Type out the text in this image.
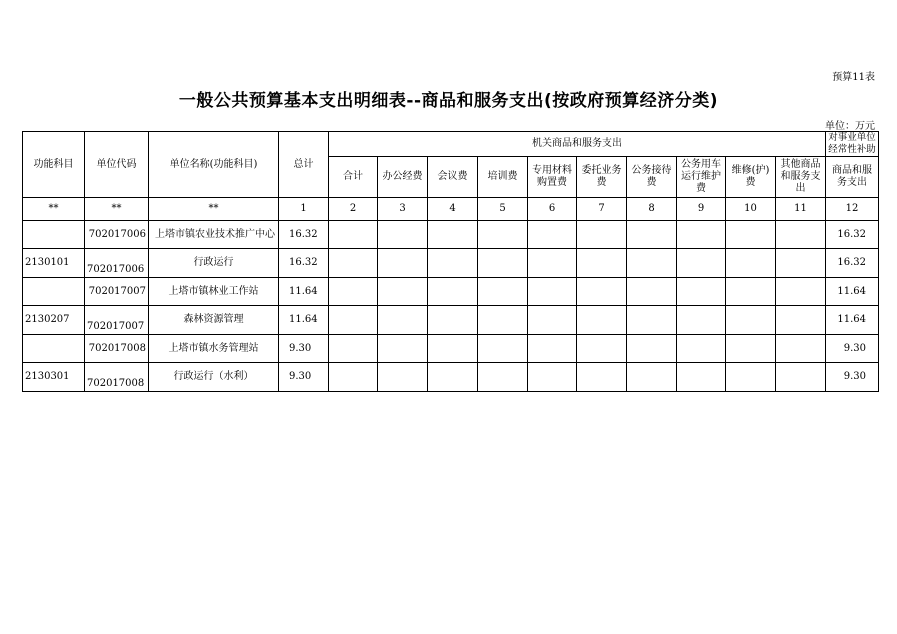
预算11表
一般公共预算基本支出明细表--商品和服务支出(按政府预算经济分类)
单位：万元
功能科目	单位代码	单位名称(功能科目)	总计	机关商品和服务支出										对事业单位经常性补助
				合计	办公经费	会议费	培训费	专用材料购置费	委托业务费	公务接待费	公务用车运行维护费	维修(护)费	其他商品和服务支出	商品和服务支出
**	**	**	1	2	3	4	5	6	7	8	9	10	11	12
	702017006	上塔市镇农业技术推广中心	16.32											16.32
2130101	702017006	行政运行	16.32											16.32
	702017007	上塔市镇林业工作站	11.64											11.64
2130207	702017007	森林资源管理	11.64											11.64
	702017008	上塔市镇水务管理站	9.30											9.30
2130301	702017008	行政运行（水利）	9.30											9.30
